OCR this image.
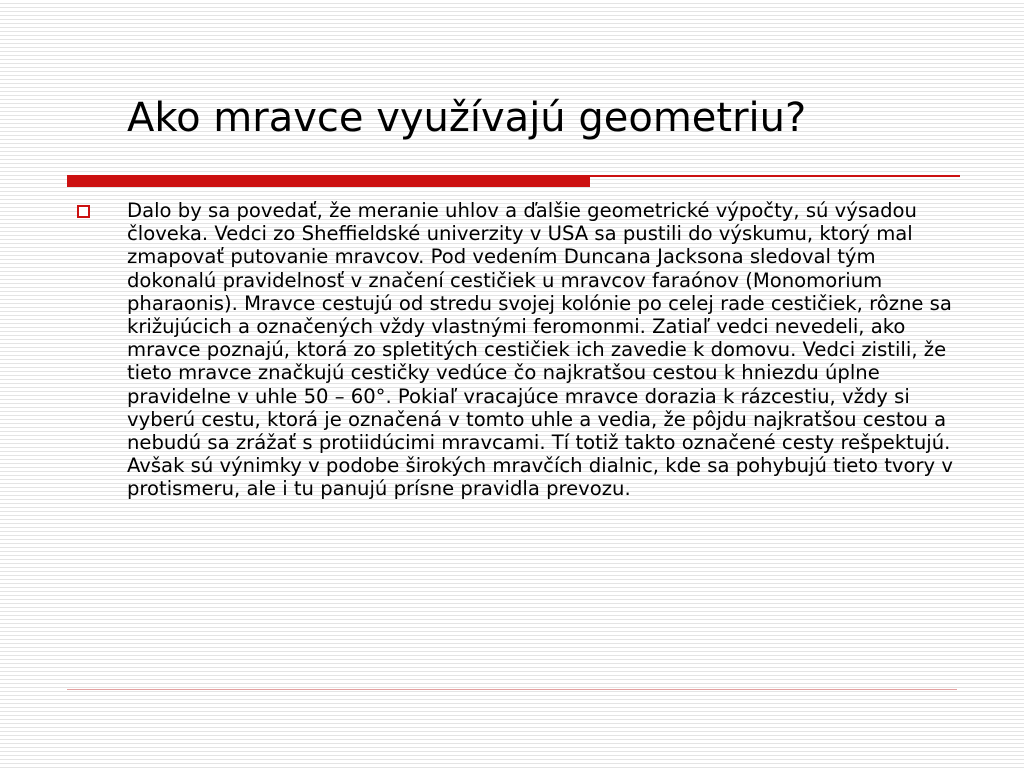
Ako mravce využívajú geometriu?

Dalo by sa povedať, že meranie uhlov a ďalšie geometrické výpočty, sú výsadou človeka. Vedci zo Sheffieldské univerzity v USA sa pustili do výskumu, ktorý mal zmapovať putovanie mravcov. Pod vedením Duncana Jacksona sledoval tým dokonalú pravidelnosť v značení cestičiek u mravcov faraónov (Monomorium pharaonis). Mravce cestujú od stredu svojej kolónie po celej rade cestičiek, rôzne sa križujúcich a označených vždy vlastnými feromonmi. Zatiaľ vedci nevedeli, ako mravce poznajú, ktorá zo spletitých cestičiek ich zavedie k domovu. Vedci zistili, že tieto mravce značkujú cestičky vedúce čo najkratšou cestou k hniezdu úplne pravidelne v uhle 50 – 60°. Pokiaľ vracajúce mravce dorazia k rázcestiu, vždy si vyberú cestu, ktorá je označená v tomto uhle a vedia, že pôjdu najkratšou cestou a nebudú sa zrážať s protiidúcimi mravcami. Tí totiž takto označené cesty rešpektujú. Avšak sú výnimky v podobe širokých mravčích dialnic, kde sa pohybujú tieto tvory v protismeru, ale i tu panujú prísne pravidla prevozu.
